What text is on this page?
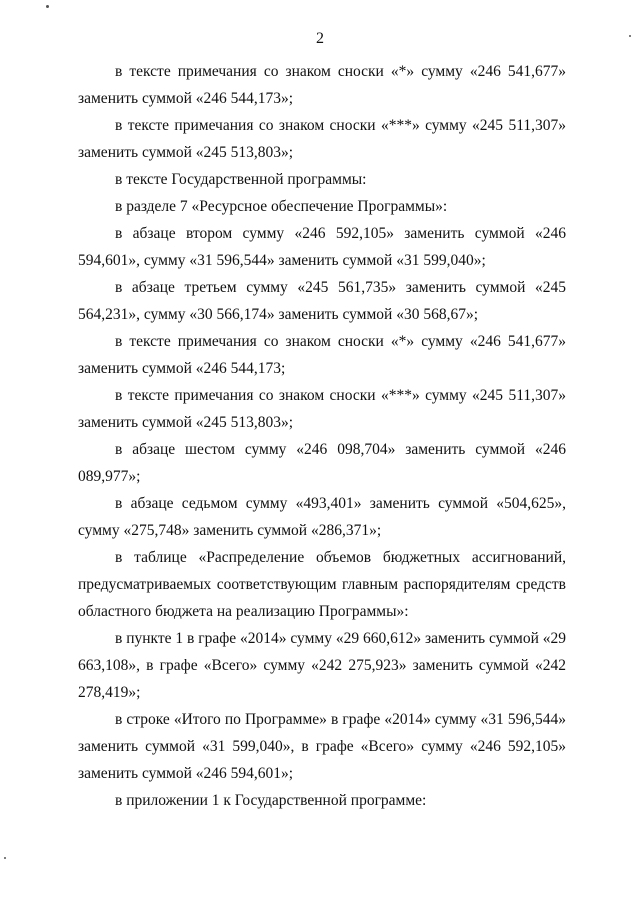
2

в тексте примечания со знаком сноски «*» сумму «246 541,677» заменить суммой «246 544,173»;

в тексте примечания со знаком сноски «***» сумму «245 511,307» заменить суммой «245 513,803»;

в тексте Государственной программы:

в разделе 7 «Ресурсное обеспечение Программы»:

в абзаце втором сумму «246 592,105» заменить суммой «246 594,601», сумму «31 596,544» заменить суммой «31 599,040»;

в абзаце третьем сумму «245 561,735» заменить суммой «245 564,231», сумму «30 566,174» заменить суммой «30 568,67»;

в тексте примечания со знаком сноски «*» сумму «246 541,677» заменить суммой «246 544,173;

в тексте примечания со знаком сноски «***» сумму «245 511,307» заменить суммой «245 513,803»;

в абзаце шестом сумму «246 098,704» заменить суммой «246 089,977»;

в абзаце седьмом сумму «493,401» заменить суммой «504,625», сумму «275,748» заменить суммой «286,371»;

в таблице «Распределение объемов бюджетных ассигнований, предусматриваемых соответствующим главным распорядителям средств областного бюджета на реализацию Программы»:

в пункте 1 в графе «2014» сумму «29 660,612» заменить суммой «29 663,108», в графе «Всего» сумму «242 275,923» заменить суммой «242 278,419»;

в строке «Итого по Программе» в графе «2014» сумму «31 596,544» заменить суммой «31 599,040», в графе «Всего» сумму «246 592,105» заменить суммой «246 594,601»;

в приложении 1 к Государственной программе:
